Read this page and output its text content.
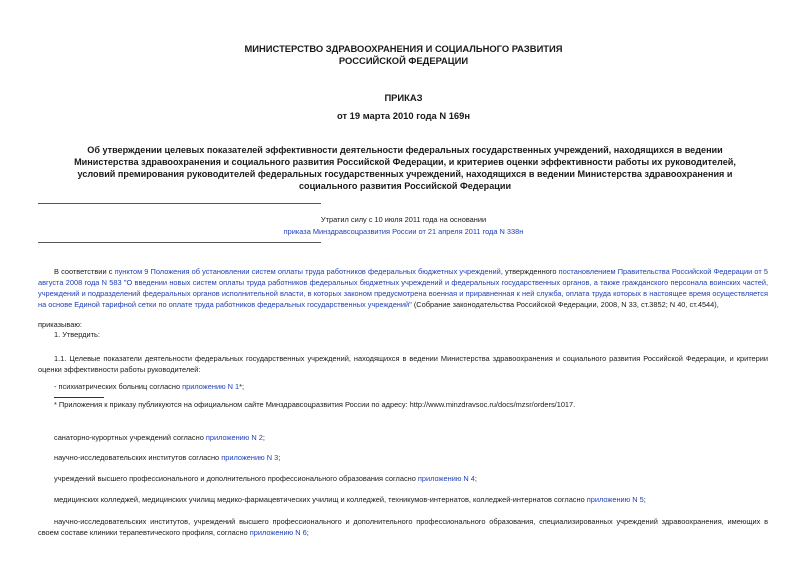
МИНИСТЕРСТВО ЗДРАВООХРАНЕНИЯ И СОЦИАЛЬНОГО РАЗВИТИЯ
РОССИЙСКОЙ ФЕДЕРАЦИИ
ПРИКАЗ
от 19 марта 2010 года N 169н
Об утверждении целевых показателей эффективности деятельности федеральных государственных учреждений, находящихся в ведении Министерства здравоохранения и социального развития Российской Федерации, и критериев оценки эффективности работы их руководителей, условий премирования руководителей федеральных государственных учреждений, находящихся в ведении Министерства здравоохранения и социального развития Российской Федерации
Утратил силу с 10 июля 2011 года на основании
приказа Минздравсоцразвития России от 21 апреля 2011 года N 338н
В соответствии с пунктом 9 Положения об установлении систем оплаты труда работников федеральных бюджетных учреждений, утвержденного постановлением Правительства Российской Федерации от 5 августа 2008 года N 583 "О введении новых систем оплаты труда работников федеральных бюджетных учреждений и федеральных государственных органов, а также гражданского персонала воинских частей, учреждений и подразделений федеральных органов исполнительной власти, в которых законом предусмотрена военная и приравненная к ней служба, оплата труда которых в настоящее время осуществляется на основе Единой тарифной сетки по оплате труда работников федеральных государственных учреждений" (Собрание законодательства Российской Федерации, 2008, N 33, ст.3852; N 40, ст.4544),
приказываю:
1. Утвердить:
1.1. Целевые показатели деятельности федеральных государственных учреждений, находящихся в ведении Министерства здравоохранения и социального развития Российской Федерации, и критерии оценки эффективности работы руководителей:
- психиатрических больниц согласно приложению N 1*;
* Приложения к приказу публикуются на официальном сайте Минздравсоцразвития России по адресу: http://www.minzdravsoc.ru/docs/mzsr/orders/1017.
санаторно-курортных учреждений согласно приложению N 2;
научно-исследовательских институтов согласно приложению N 3;
учреждений высшего профессионального и дополнительного профессионального образования согласно приложению N 4;
медицинских колледжей, медицинских училищ медико-фармацевтических училищ и колледжей, техникумов-интернатов, колледжей-интернатов согласно приложению N 5;
научно-исследовательских институтов, учреждений высшего профессионального и дополнительного профессионального образования, специализированных учреждений здравоохранения, имеющих в своем составе клиники терапевтического профиля, согласно приложению N 6;
